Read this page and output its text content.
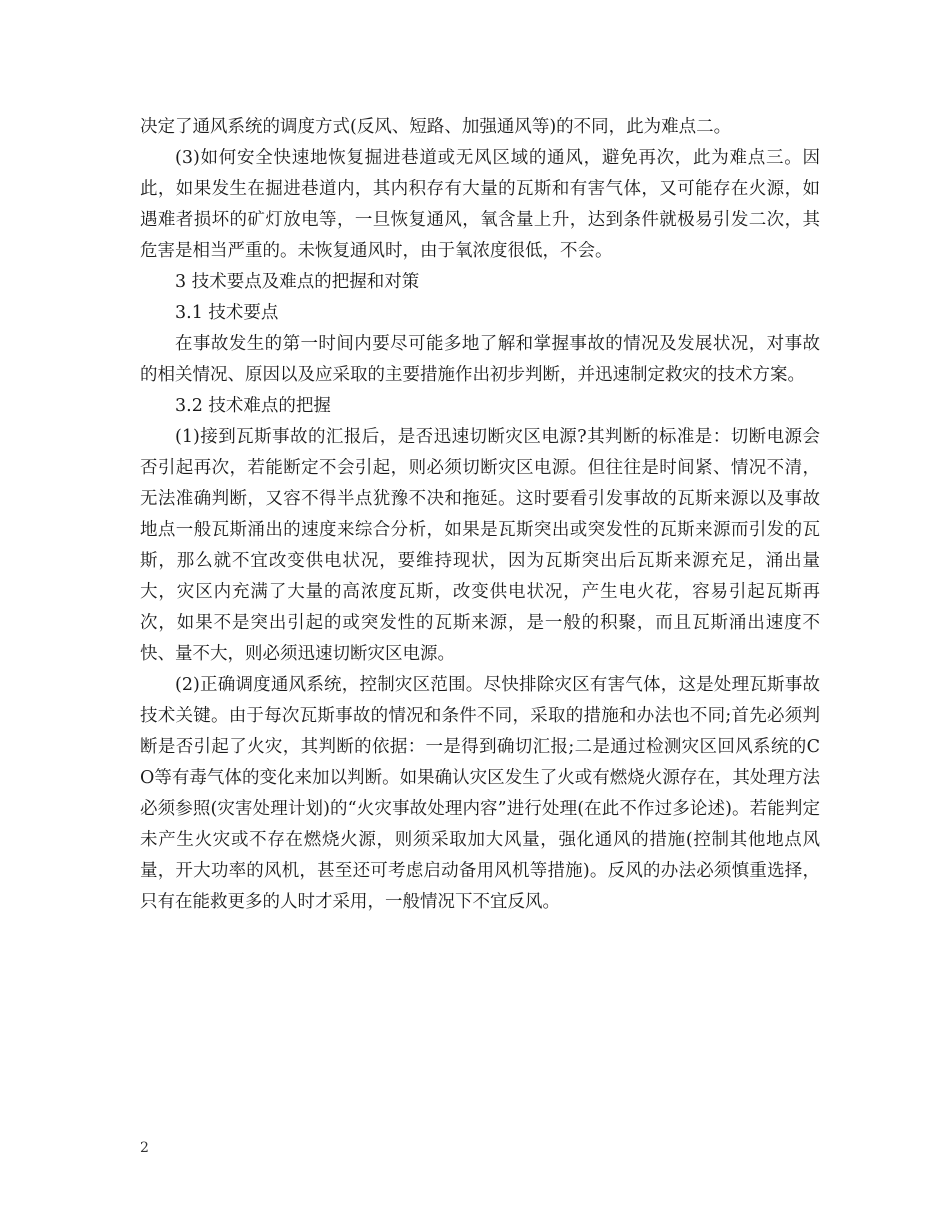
决定了通风系统的调度方式(反风、短路、加强通风等)的不同，此为难点二。

(3)如何安全快速地恢复掘进巷道或无风区域的通风，避免再次，此为难点三。因此，如果发生在掘进巷道内，其内积存有大量的瓦斯和有害气体，又可能存在火源，如遇难者损坏的矿灯放电等，一旦恢复通风，氧含量上升，达到条件就极易引发二次，其危害是相当严重的。未恢复通风时，由于氧浓度很低，不会。

3 技术要点及难点的把握和对策

3.1 技术要点

在事故发生的第一时间内要尽可能多地了解和掌握事故的情况及发展状况，对事故的相关情况、原因以及应采取的主要措施作出初步判断，并迅速制定救灾的技术方案。

3.2 技术难点的把握

(1)接到瓦斯事故的汇报后，是否迅速切断灾区电源?其判断的标准是：切断电源会否引起再次，若能断定不会引起，则必须切断灾区电源。但往往是时间紧、情况不清，无法准确判断，又容不得半点犹豫不决和拖延。这时要看引发事故的瓦斯来源以及事故地点一般瓦斯涌出的速度来综合分析，如果是瓦斯突出或突发性的瓦斯来源而引发的瓦斯，那么就不宜改变供电状况，要维持现状，因为瓦斯突出后瓦斯来源充足，涌出量大，灾区内充满了大量的高浓度瓦斯，改变供电状况，产生电火花，容易引起瓦斯再次，如果不是突出引起的或突发性的瓦斯来源，是一般的积聚，而且瓦斯涌出速度不快、量不大，则必须迅速切断灾区电源。

(2)正确调度通风系统，控制灾区范围。尽快排除灾区有害气体，这是处理瓦斯事故技术关键。由于每次瓦斯事故的情况和条件不同，采取的措施和办法也不同;首先必须判断是否引起了火灾，其判断的依据：一是得到确切汇报;二是通过检测灾区回风系统的CO等有毒气体的变化来加以判断。如果确认灾区发生了火或有燃烧火源存在，其处理方法必须参照(灾害处理计划)的“火灾事故处理内容”进行处理(在此不作过多论述)。若能判定未产生火灾或不存在燃烧火源，则须采取加大风量，强化通风的措施(控制其他地点风量，开大功率的风机，甚至还可考虑启动备用风机等措施)。反风的办法必须慎重选择，只有在能救更多的人时才采用，一般情况下不宜反风。

2
